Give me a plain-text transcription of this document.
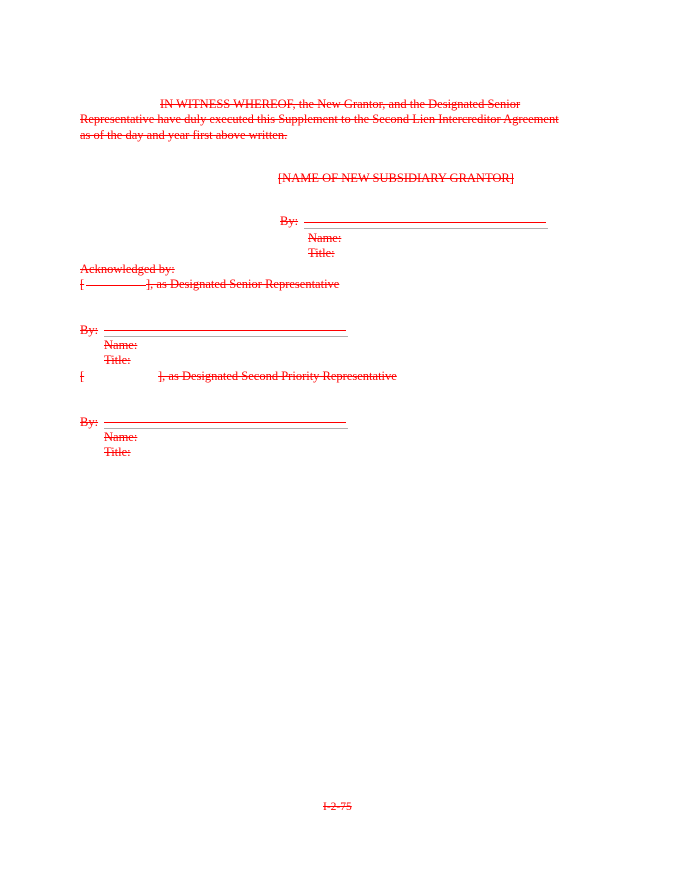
IN WITNESS WHEREOF, the New Grantor, and the Designated Senior
Representative have duly executed this Supplement to the Second Lien Intercreditor Agreement
as of the day and year first above written.
[NAME OF NEW SUBSIDIARY GRANTOR]
By:
Name:
Title:
Acknowledged by:
[	], as Designated Senior Representative
By:
Name:
Title:
[	], as Designated Second Priority Representative
By:
Name:
Title:
I-2-75
